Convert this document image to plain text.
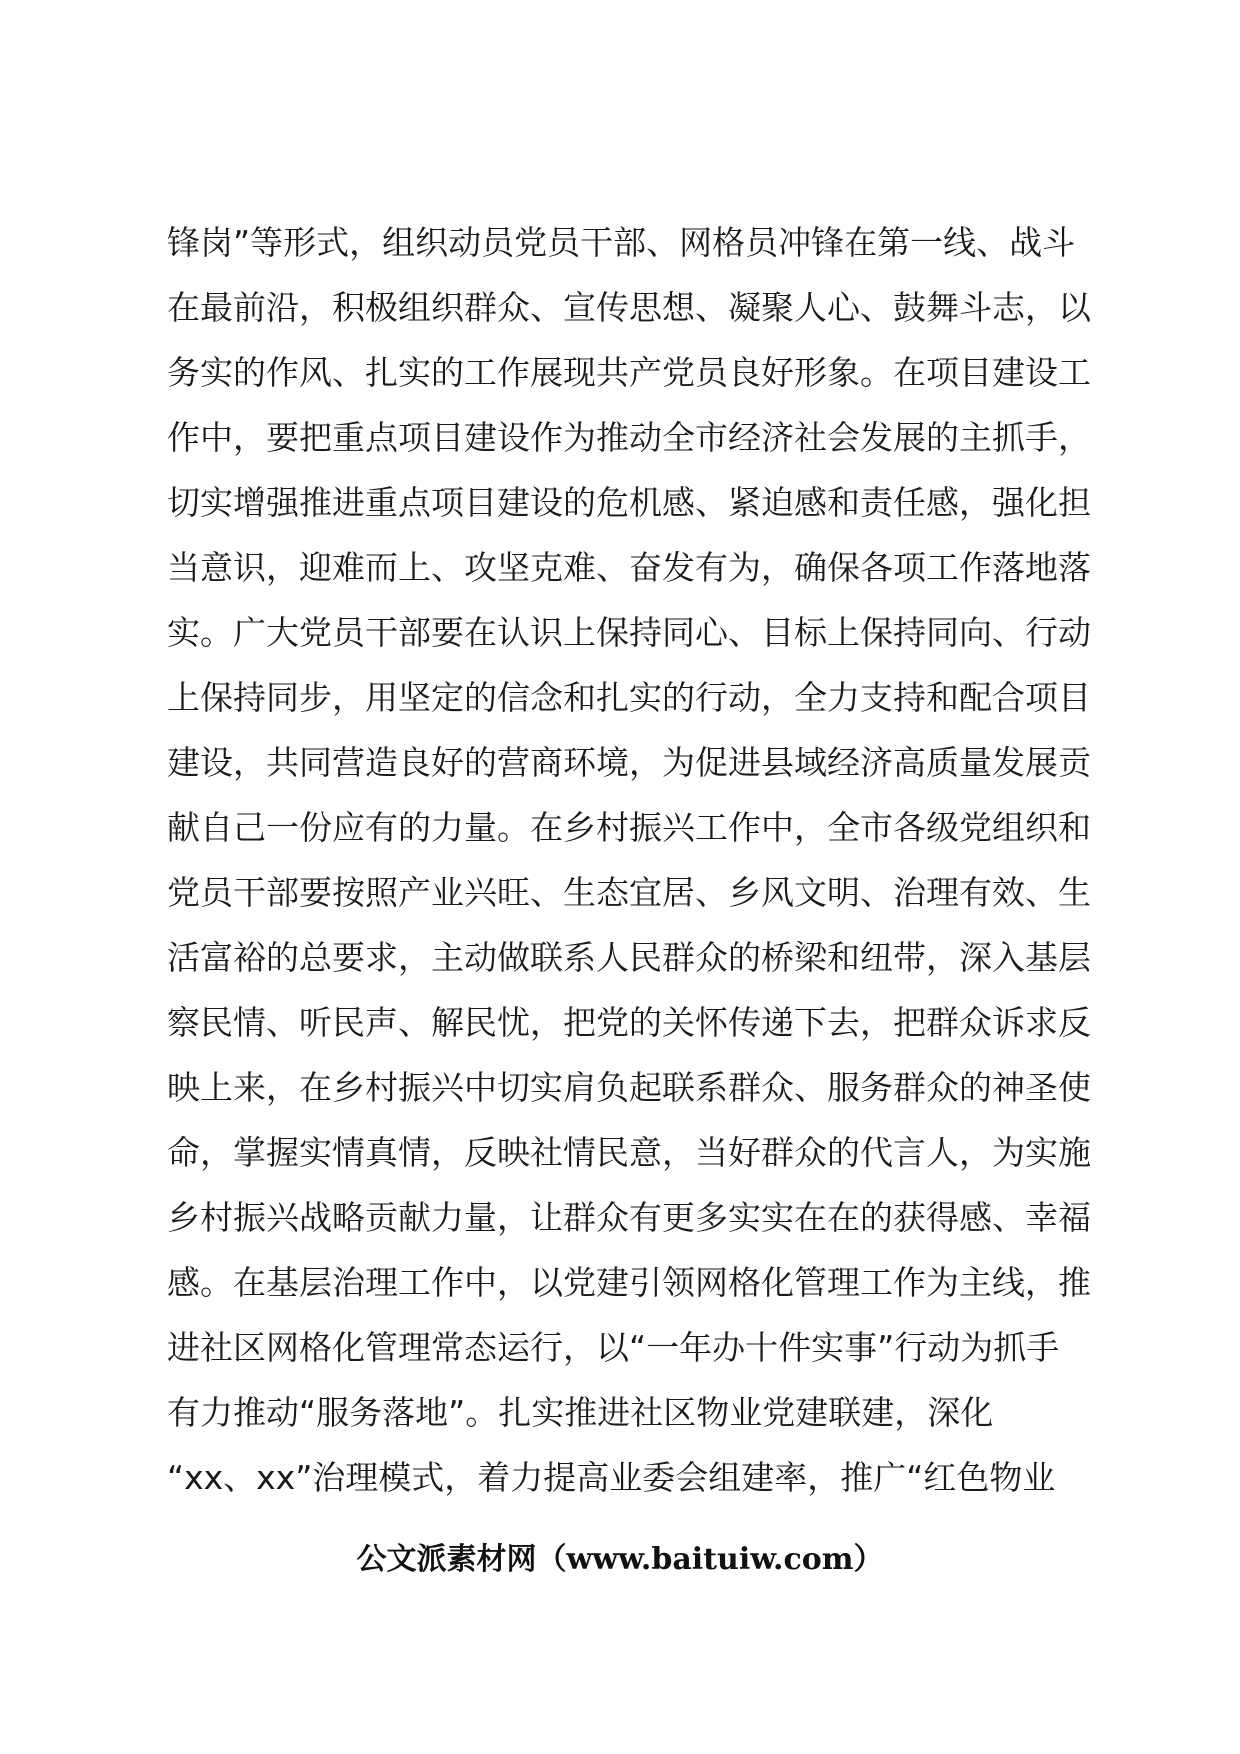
锋岗”等形式，组织动员党员干部、网格员冲锋在第一线、战斗
在最前沿，积极组织群众、宣传思想、凝聚人心、鼓舞斗志，以
务实的作风、扎实的工作展现共产党员良好形象。在项目建设工
作中，要把重点项目建设作为推动全市经济社会发展的主抓手，
切实增强推进重点项目建设的危机感、紧迫感和责任感，强化担
当意识，迎难而上、攻坚克难、奋发有为，确保各项工作落地落
实。广大党员干部要在认识上保持同心、目标上保持同向、行动
上保持同步，用坚定的信念和扎实的行动，全力支持和配合项目
建设，共同营造良好的营商环境，为促进县域经济高质量发展贡
献自己一份应有的力量。在乡村振兴工作中，全市各级党组织和
党员干部要按照产业兴旺、生态宜居、乡风文明、治理有效、生
活富裕的总要求，主动做联系人民群众的桥梁和纽带，深入基层
察民情、听民声、解民忧，把党的关怀传递下去，把群众诉求反
映上来，在乡村振兴中切实肩负起联系群众、服务群众的神圣使
命，掌握实情真情，反映社情民意，当好群众的代言人，为实施
乡村振兴战略贡献力量，让群众有更多实实在在的获得感、幸福
感。在基层治理工作中，以党建引领网格化管理工作为主线，推
进社区网格化管理常态运行，以“一年办十件实事”行动为抓手
有力推动“服务落地”。扎实推进社区物业党建联建，深化
“xx、xx”治理模式，着力提高业委会组建率，推广“红色物业
公文派素材网（www.baituiw.com）
